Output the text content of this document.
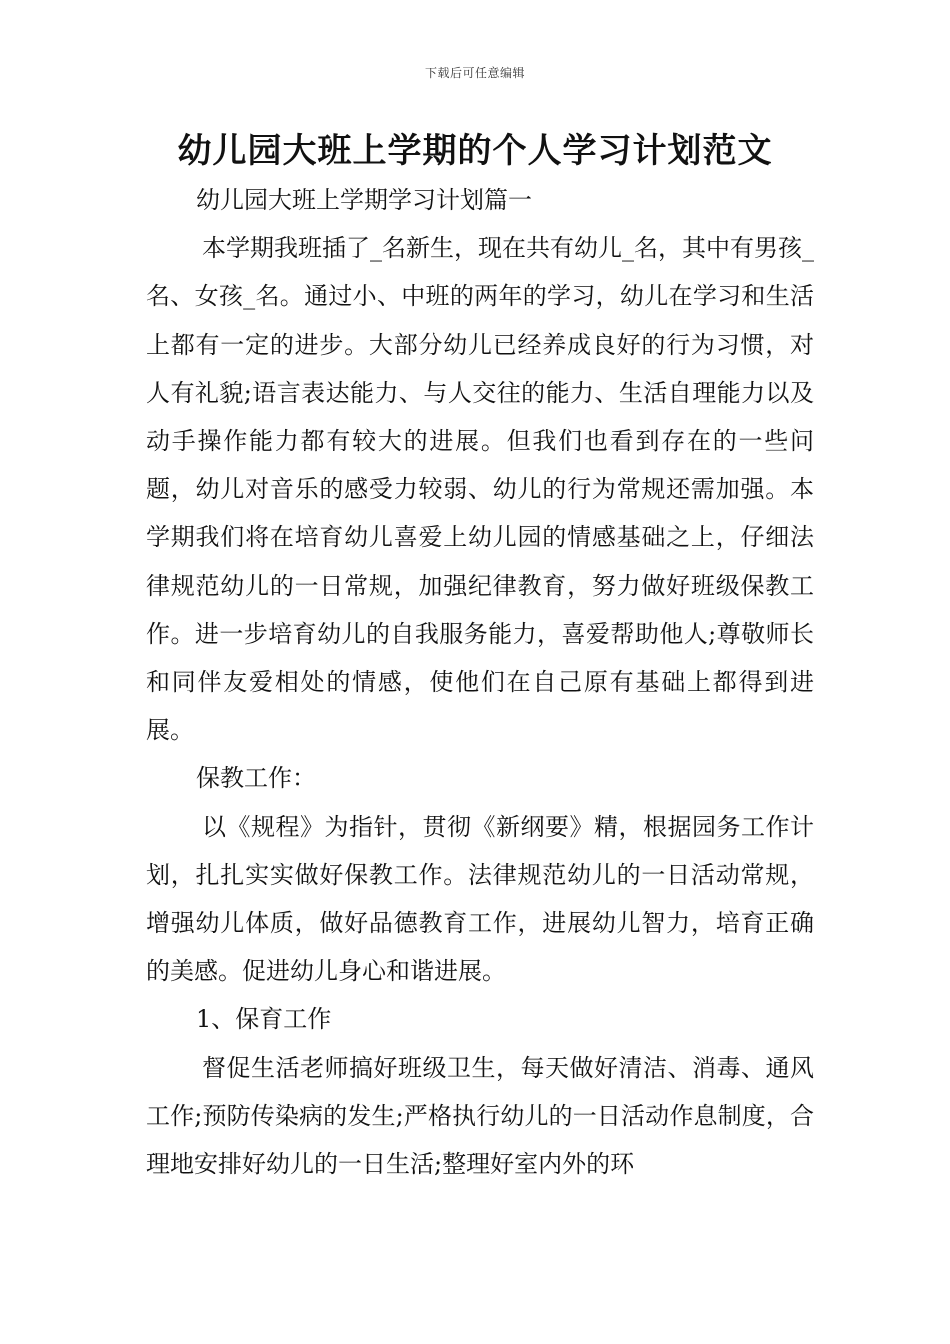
下载后可任意编辑
幼儿园大班上学期的个人学习计划范文

幼儿园大班上学期学习计划篇一

本学期我班插了_名新生，现在共有幼儿_名，其中有男孩_名、女孩_名。通过小、中班的两年的学习，幼儿在学习和生活上都有一定的进步。大部分幼儿已经养成良好的行为习惯，对人有礼貌;语言表达能力、与人交往的能力、生活自理能力以及动手操作能力都有较大的进展。但我们也看到存在的一些问题，幼儿对音乐的感受力较弱、幼儿的行为常规还需加强。本学期我们将在培育幼儿喜爱上幼儿园的情感基础之上，仔细法律规范幼儿的一日常规，加强纪律教育，努力做好班级保教工作。进一步培育幼儿的自我服务能力，喜爱帮助他人;尊敬师长和同伴友爱相处的情感，使他们在自己原有基础上都得到进展。

保教工作：

以《规程》为指针，贯彻《新纲要》精，根据园务工作计划，扎扎实实做好保教工作。法律规范幼儿的一日活动常规，增强幼儿体质，做好品德教育工作，进展幼儿智力，培育正确的美感。促进幼儿身心和谐进展。

1、保育工作

督促生活老师搞好班级卫生，每天做好清洁、消毒、通风工作;预防传染病的发生;严格执行幼儿的一日活动作息制度，合理地安排好幼儿的一日生活;整理好室内外的环
